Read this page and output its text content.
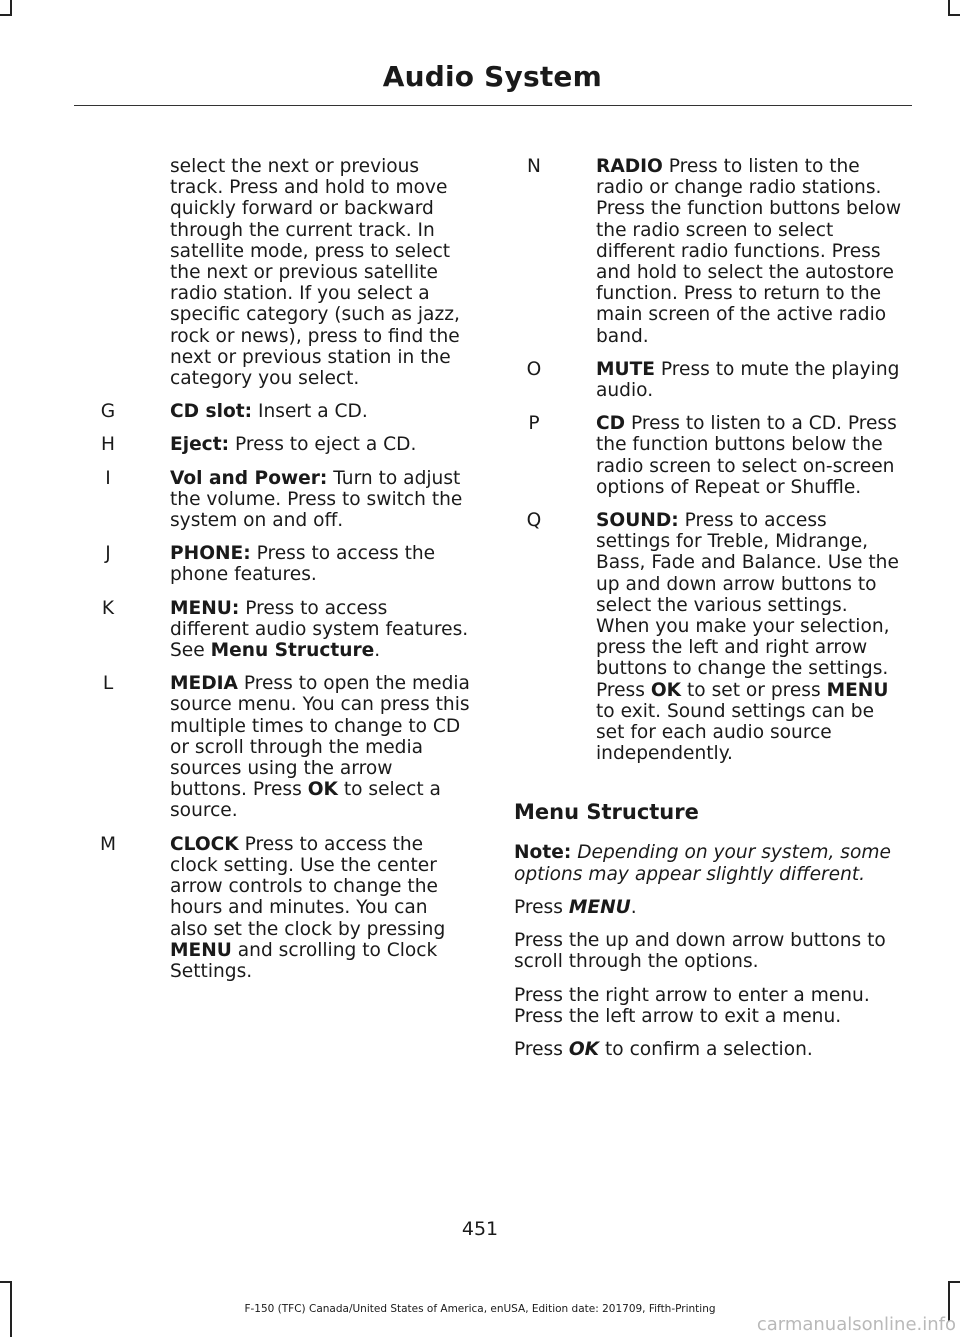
Audio System

select the next or previous track. Press and hold to move quickly forward or backward through the current track. In satellite mode, press to select the next or previous satellite radio station. If you select a specific category (such as jazz, rock or news), press to find the next or previous station in the category you select.

G	CD slot: Insert a CD.
H	Eject: Press to eject a CD.
I	Vol and Power: Turn to adjust the volume. Press to switch the system on and off.
J	PHONE: Press to access the phone features.
K	MENU: Press to access different audio system features. See Menu Structure.
L	MEDIA Press to open the media source menu. You can press this multiple times to change to CD or scroll through the media sources using the arrow buttons. Press OK to select a source.
M	CLOCK Press to access the clock setting. Use the center arrow controls to change the hours and minutes. You can also set the clock by pressing MENU and scrolling to Clock Settings.
N	RADIO Press to listen to the radio or change radio stations. Press the function buttons below the radio screen to select different radio functions. Press and hold to select the autostore function. Press to return to the main screen of the active radio band.
O	MUTE Press to mute the playing audio.
P	CD Press to listen to a CD. Press the function buttons below the radio screen to select on-screen options of Repeat or Shuffle.
Q	SOUND: Press to access settings for Treble, Midrange, Bass, Fade and Balance. Use the up and down arrow buttons to select the various settings. When you make your selection, press the left and right arrow buttons to change the settings. Press OK to set or press MENU to exit. Sound settings can be set for each audio source independently.
Menu Structure

Note: Depending on your system, some options may appear slightly different.

Press MENU.

Press the up and down arrow buttons to scroll through the options.

Press the right arrow to enter a menu. Press the left arrow to exit a menu.

Press OK to confirm a selection.

451
F-150 (TFC) Canada/United States of America, enUSA, Edition date: 201709, Fifth-Printing
carmanualsonline.info
